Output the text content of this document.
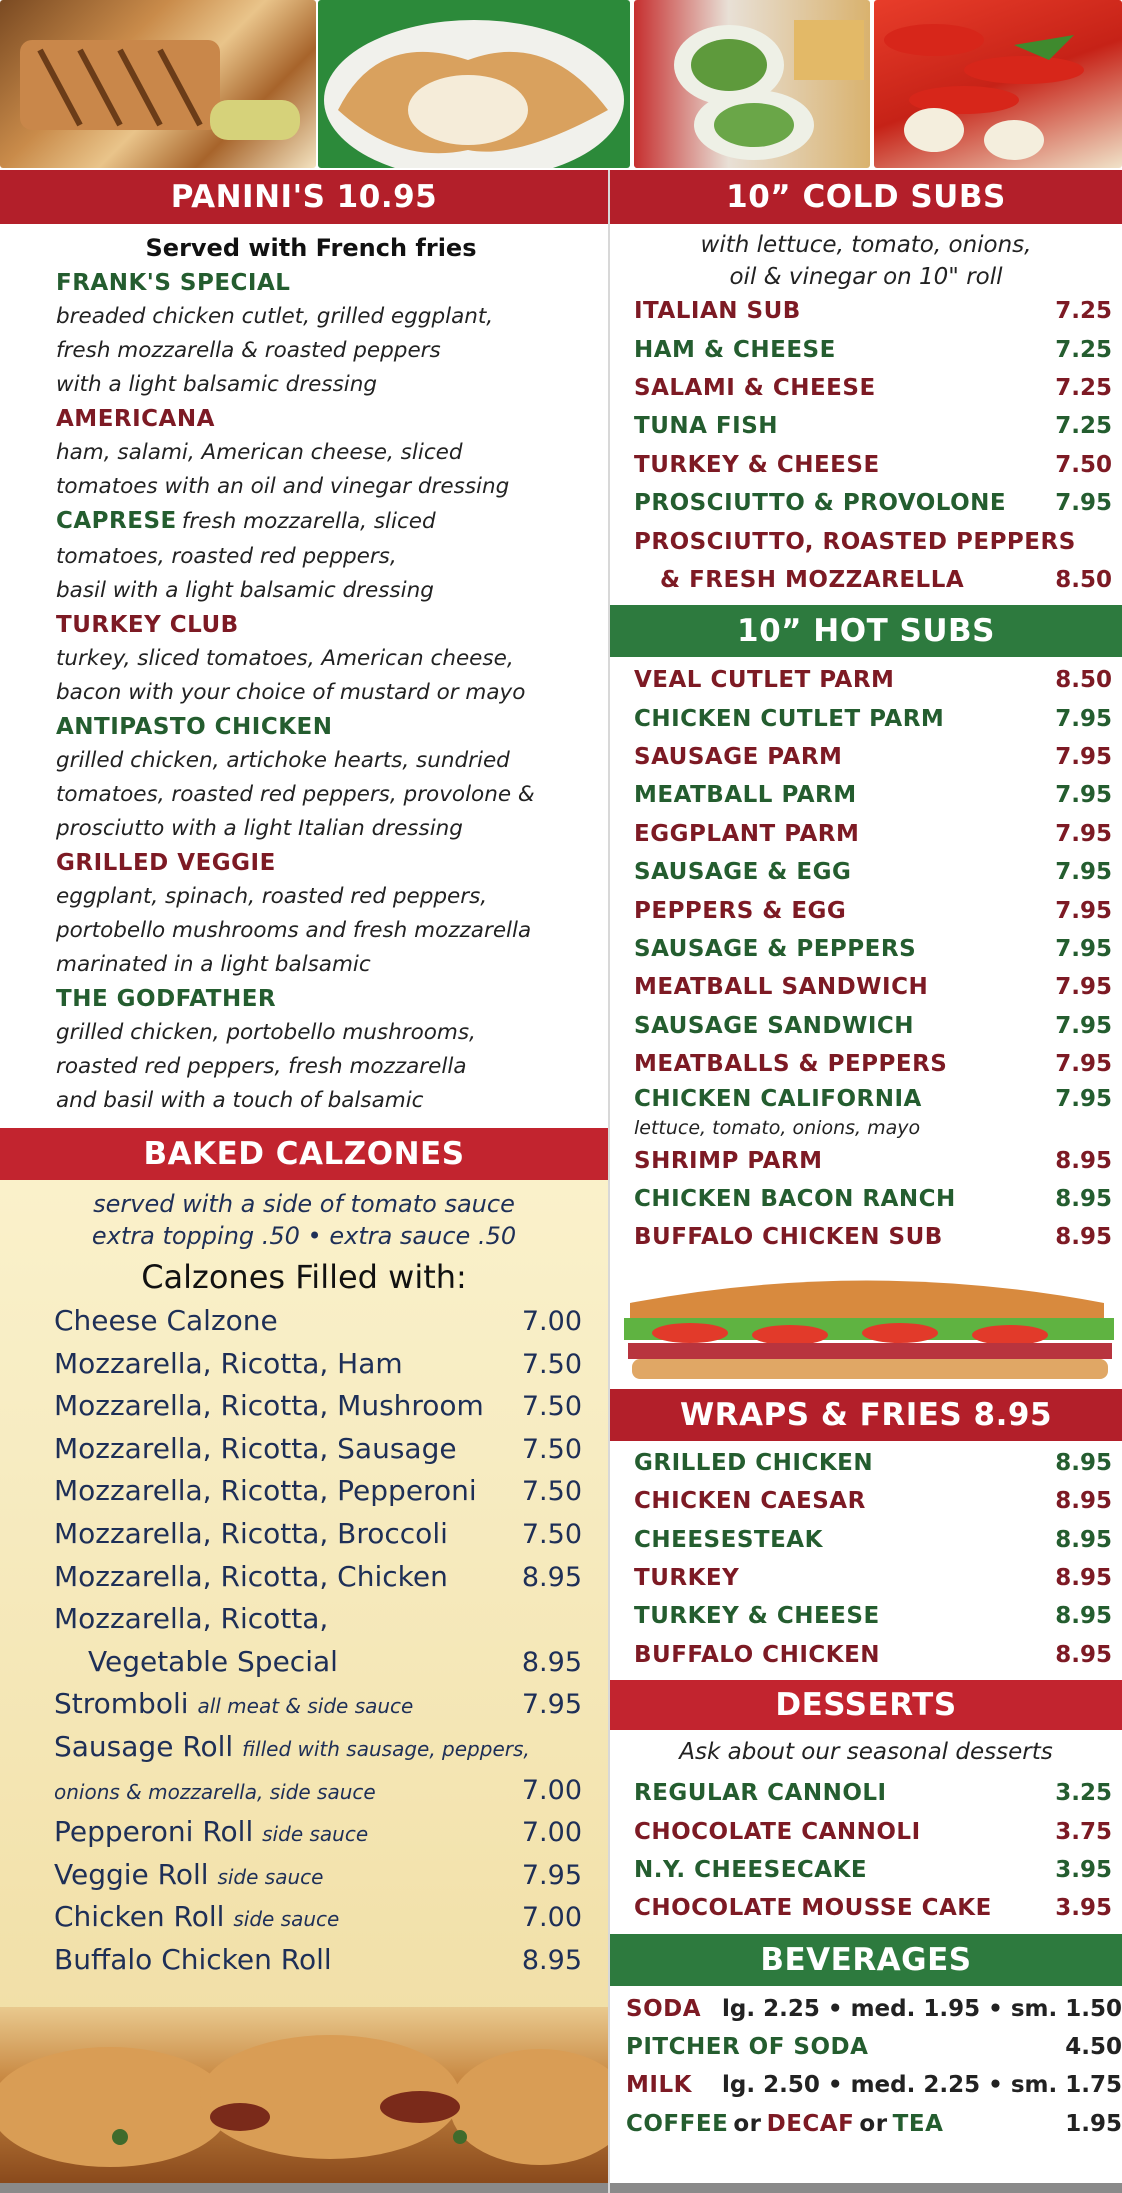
PANINI'S 10.95
Served with French fries
FRANK'S SPECIAL
breaded chicken cutlet, grilled eggplant,
fresh mozzarella & roasted peppers
with a light balsamic dressing
AMERICANA
ham, salami, American cheese, sliced
tomatoes with an oil and vinegar dressing
CAPRESE fresh mozzarella, sliced
tomatoes, roasted red peppers,
basil with a light balsamic dressing
TURKEY CLUB
turkey, sliced tomatoes, American cheese,
bacon with your choice of mustard or mayo
ANTIPASTO CHICKEN
grilled chicken, artichoke hearts, sundried
tomatoes, roasted red peppers, provolone &
prosciutto with a light Italian dressing
GRILLED VEGGIE
eggplant, spinach, roasted red peppers,
portobello mushrooms and fresh mozzarella
marinated in a light balsamic
THE GODFATHER
grilled chicken, portobello mushrooms,
roasted red peppers, fresh mozzarella
and basil with a touch of balsamic
BAKED CALZONES
served with a side of tomato sauce
extra topping .50 • extra sauce .50
Calzones Filled with:
Cheese Calzone	7.00
Mozzarella, Ricotta, Ham	7.50
Mozzarella, Ricotta, Mushroom 7.50
Mozzarella, Ricotta, Sausage 7.50
Mozzarella, Ricotta, Pepperoni 7.50
Mozzarella, Ricotta, Broccoli	7.50
Mozzarella, Ricotta, Chicken	8.95
Mozzarella, Ricotta,
Vegetable Special	8.95
Stromboli all meat & side sauce	7.95
Sausage Roll filled with sausage, peppers,
onions & mozzarella, side sauce	7.00
Pepperoni Roll side sauce	7.00
Veggie Roll side sauce	7.95
Chicken Roll side sauce	7.00
Buffalo Chicken Roll	8.95
10” COLD SUBS
with lettuce, tomato, onions,
oil & vinegar on 10" roll
ITALIAN SUB	7.25
HAM & CHEESE	7.25
SALAMI & CHEESE	7.25
TUNA FISH	7.25
TURKEY & CHEESE	7.50
PROSCIUTTO & PROVOLONE 7.95
PROSCIUTTO, ROASTED PEPPERS
& FRESH MOZZARELLA	8.50
10” HOT SUBS
VEAL CUTLET PARM	8.50
CHICKEN CUTLET PARM	7.95
SAUSAGE PARM	7.95
MEATBALL PARM	7.95
EGGPLANT PARM	7.95
SAUSAGE & EGG	7.95
PEPPERS & EGG	7.95
SAUSAGE & PEPPERS	7.95
MEATBALL SANDWICH	7.95
SAUSAGE SANDWICH	7.95
MEATBALLS & PEPPERS	7.95
CHICKEN CALIFORNIA	7.95
lettuce, tomato, onions, mayo
SHRIMP PARM	8.95
CHICKEN BACON RANCH	8.95
BUFFALO CHICKEN SUB	8.95
WRAPS & FRIES 8.95
GRILLED CHICKEN	8.95
CHICKEN CAESAR	8.95
CHEESESTEAK	8.95
TURKEY	8.95
TURKEY & CHEESE	8.95
BUFFALO CHICKEN	8.95
DESSERTS
Ask about our seasonal desserts
REGULAR CANNOLI	3.25
CHOCOLATE CANNOLI	3.75
N.Y. CHEESECAKE	3.95
CHOCOLATE MOUSSE CAKE	3.95
BEVERAGES
SODA lg. 2.25 • med. 1.95 • sm. 1.50
PITCHER OF SODA	4.50
MILK lg. 2.50 • med. 2.25 • sm. 1.75
COFFEE or DECAF or TEA	1.95
